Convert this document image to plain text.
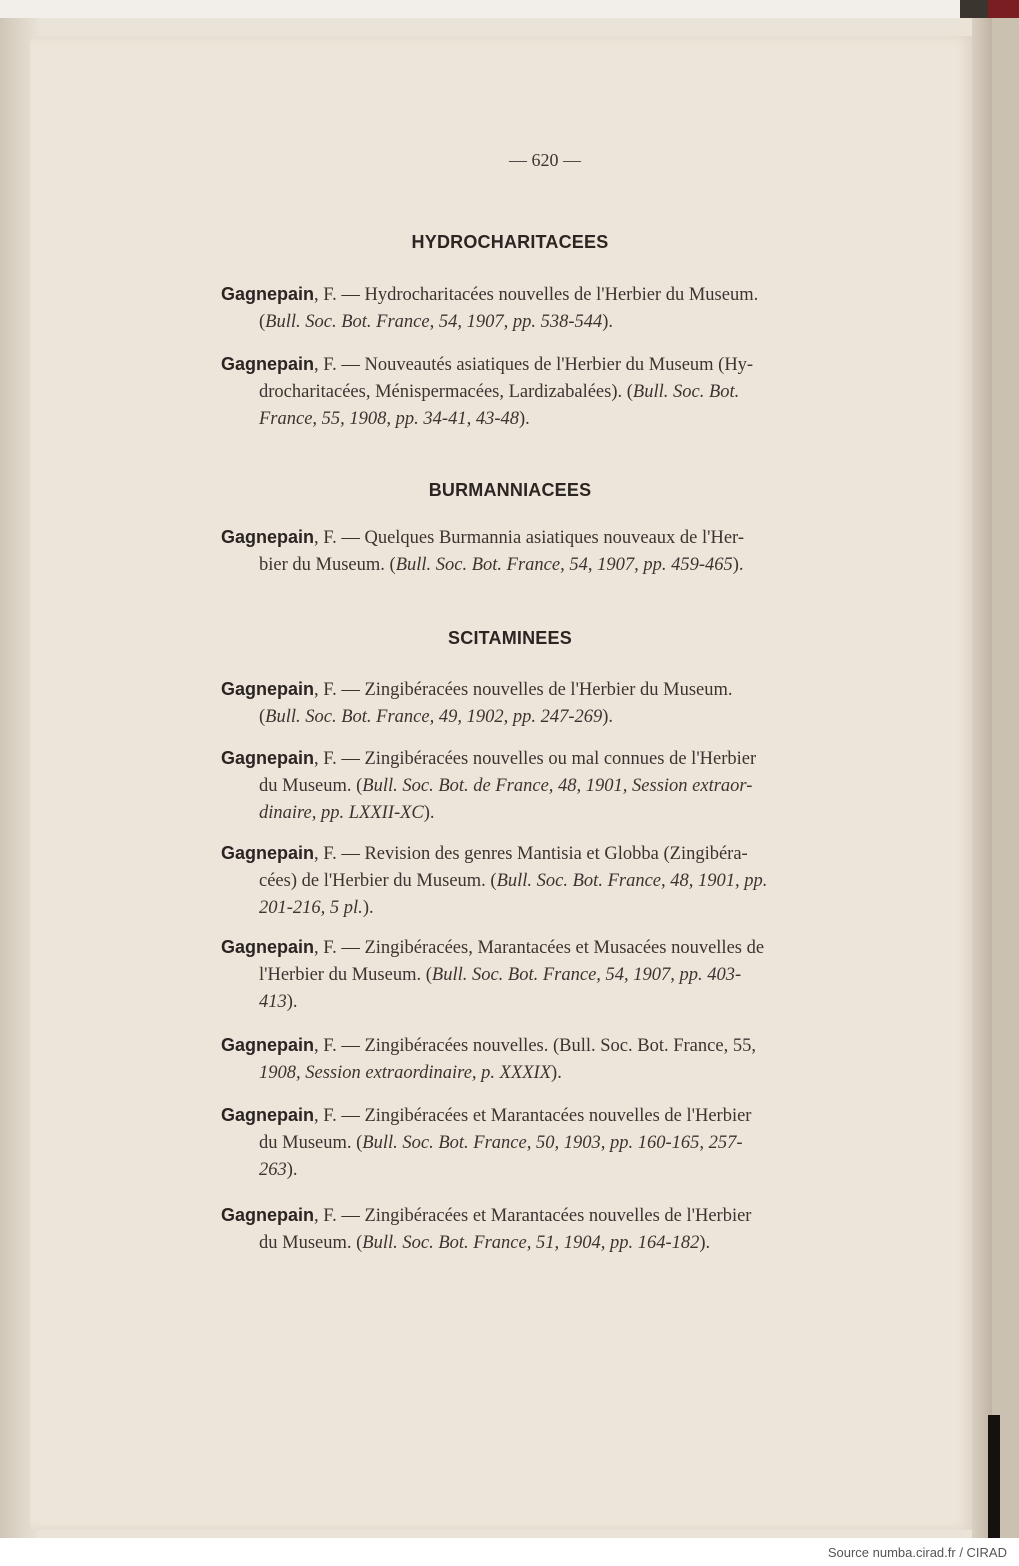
— 620 —
HYDROCHARITACEES
Gagnepain, F. — Hydrocharitacées nouvelles de l'Herbier du Museum.
(Bull. Soc. Bot. France, 54, 1907, pp. 538-544).
Gagnepain, F. — Nouveautés asiatiques de l'Herbier du Museum (Hy-
drocharitacées, Ménispermacées, Lardizabalées). (Bull. Soc. Bot.
France, 55, 1908, pp. 34-41, 43-48).
BURMANNIACEES
Gagnepain, F. — Quelques Burmannia asiatiques nouveaux de l'Her-
bier du Museum. (Bull. Soc. Bot. France, 54, 1907, pp. 459-465).
SCITAMINEES
Gagnepain, F. — Zingibéracées nouvelles de l'Herbier du Museum.
(Bull. Soc. Bot. France, 49, 1902, pp. 247-269).
Gagnepain, F. — Zingibéracées nouvelles ou mal connues de l'Herbier
du Museum. (Bull. Soc. Bot. de France, 48, 1901, Session extraor-
dinaire, pp. LXXII-XC).
Gagnepain, F. — Revision des genres Mantisia et Globba (Zingibéra-
cées) de l'Herbier du Museum. (Bull. Soc. Bot. France, 48, 1901, pp.
201-216, 5 pl.).
Gagnepain, F. — Zingibéracées, Marantacées et Musacées nouvelles de
l'Herbier du Museum. (Bull. Soc. Bot. France, 54, 1907, pp. 403-
413).
Gagnepain, F. — Zingibéracées nouvelles. (Bull. Soc. Bot. France, 55,
1908, Session extraordinaire, p. XXXIX).
Gagnepain, F. — Zingibéracées et Marantacées nouvelles de l'Herbier
du Museum. (Bull. Soc. Bot. France, 50, 1903, pp. 160-165, 257-
263).
Gagnepain, F. — Zingibéracées et Marantacées nouvelles de l'Herbier
du Museum. (Bull. Soc. Bot. France, 51, 1904, pp. 164-182).
Source numba.cirad.fr / CIRAD
